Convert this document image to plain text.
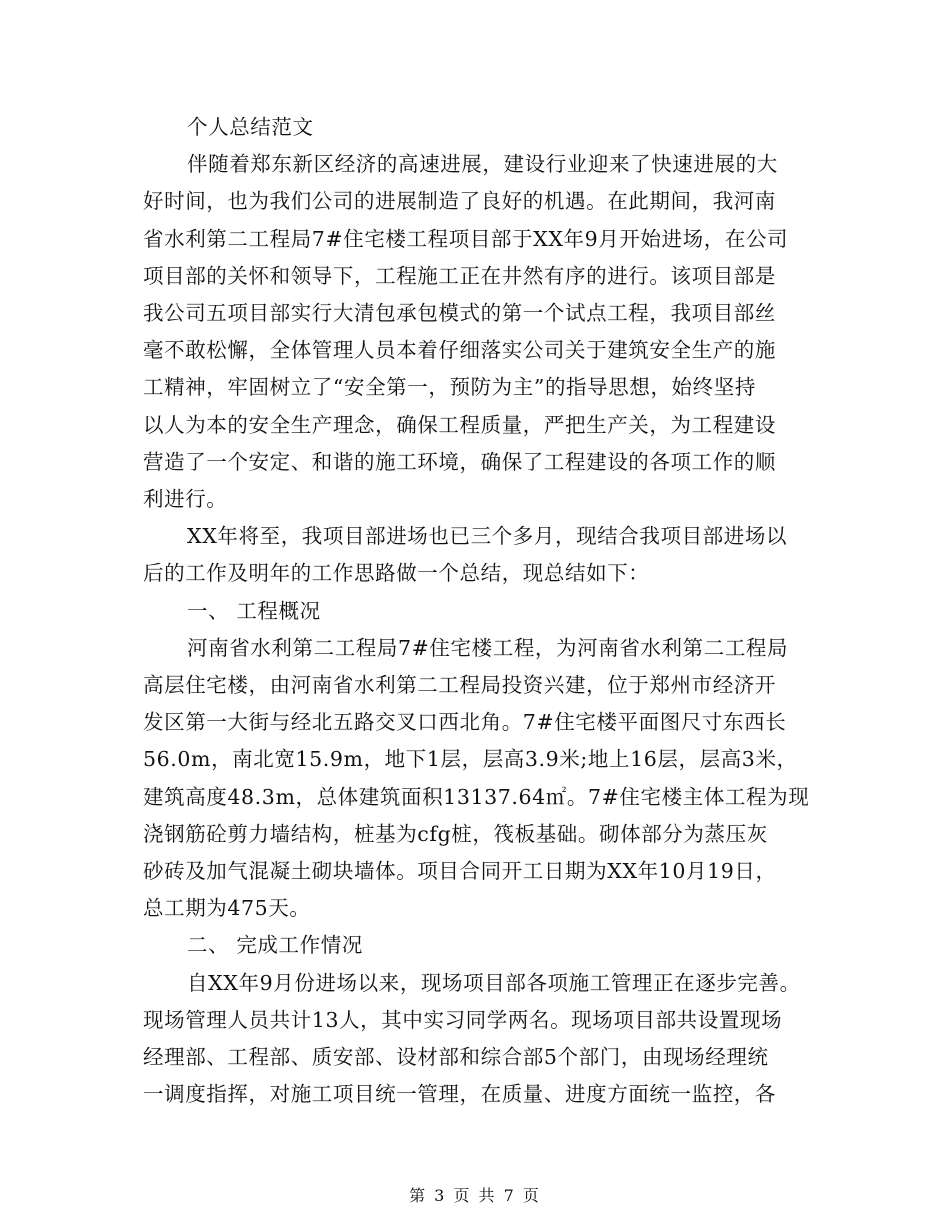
个人总结范文
伴随着郑东新区经济的高速进展，建设行业迎来了快速进展的大
好时间，也为我们公司的进展制造了良好的机遇。在此期间，我河南
省水利第二工程局7#住宅楼工程项目部于XX年9月开始进场，在公司
项目部的关怀和领导下，工程施工正在井然有序的进行。该项目部是
我公司五项目部实行大清包承包模式的第一个试点工程，我项目部丝
毫不敢松懈，全体管理人员本着仔细落实公司关于建筑安全生产的施
工精神，牢固树立了“安全第一，预防为主”的指导思想，始终坚持
以人为本的安全生产理念，确保工程质量，严把生产关，为工程建设
营造了一个安定、和谐的施工环境，确保了工程建设的各项工作的顺
利进行。
XX年将至，我项目部进场也已三个多月，现结合我项目部进场以
后的工作及明年的工作思路做一个总结，现总结如下：
一、 工程概况
河南省水利第二工程局7#住宅楼工程，为河南省水利第二工程局
高层住宅楼，由河南省水利第二工程局投资兴建，位于郑州市经济开
发区第一大街与经北五路交叉口西北角。7#住宅楼平面图尺寸东西长
56.0m，南北宽15.9m，地下1层，层高3.9米;地上16层，层高3米，
建筑高度48.3m，总体建筑面积13137.64㎡。7#住宅楼主体工程为现
浇钢筋砼剪力墙结构，桩基为cfg桩，筏板基础。砌体部分为蒸压灰
砂砖及加气混凝土砌块墙体。项目合同开工日期为XX年10月19日，
总工期为475天。
二、 完成工作情况
自XX年9月份进场以来，现场项目部各项施工管理正在逐步完善。
现场管理人员共计13人，其中实习同学两名。现场项目部共设置现场
经理部、工程部、质安部、设材部和综合部5个部门，由现场经理统
一调度指挥，对施工项目统一管理，在质量、进度方面统一监控，各
第 3 页 共 7 页
